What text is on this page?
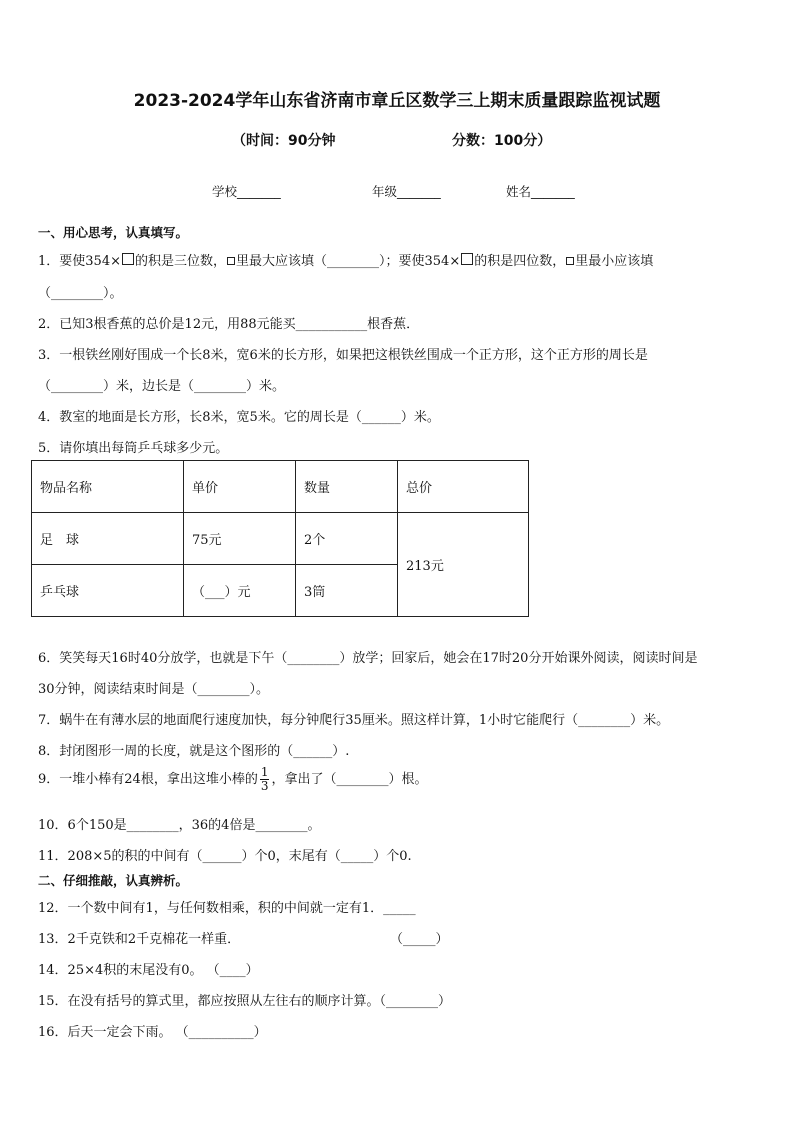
2023-2024学年山东省济南市章丘区数学三上期末质量跟踪监视试题
（时间：90分钟	分数：100分）
学校_______	年级_______	姓名_______
一、用心思考，认真填写。
1．要使354× 的积是三位数， 里最大应该填（________）；要使354× 的积是四位数， 里最小应该填
（________）。
2．已知3根香蕉的总价是12元，用88元能买___________根香蕉．
3．一根铁丝刚好围成一个长8米，宽6米的长方形，如果把这根铁丝围成一个正方形，这个正方形的周长是
（________）米，边长是（________）米。
4．教室的地面是长方形，长8米，宽5米。它的周长是（______）米。
5．请你填出每筒乒乓球多少元。
物品名称	单价	数量	总价
足　球	75元	2个	213元
乒乓球	（___）元	3筒	
6．笑笑每天16时40分放学，也就是下午（________）放学；回家后，她会在17时20分开始课外阅读，阅读时间是
30分钟，阅读结束时间是（________）。
7．蜗牛在有薄水层的地面爬行速度加快，每分钟爬行35厘米。照这样计算，1小时它能爬行（________）米。
8．封闭图形一周的长度，就是这个图形的（______）.
9．一堆小棒有24根，拿出这堆小棒的 $\frac{1}{3}$ ，拿出了（________）根。
10．6个150是________，36的4倍是________。
11．208×5的积的中间有（______）个0，末尾有（_____）个0.
二、仔细推敲，认真辨析。
12．一个数中间有1，与任何数相乘，积的中间就一定有1．_____
13．2千克铁和2千克棉花一样重．	（_____）
14．25×4积的末尾没有0。 （____）
15．在没有括号的算式里，都应按照从左往右的顺序计算。（________）
16．后天一定会下雨。 （__________）
